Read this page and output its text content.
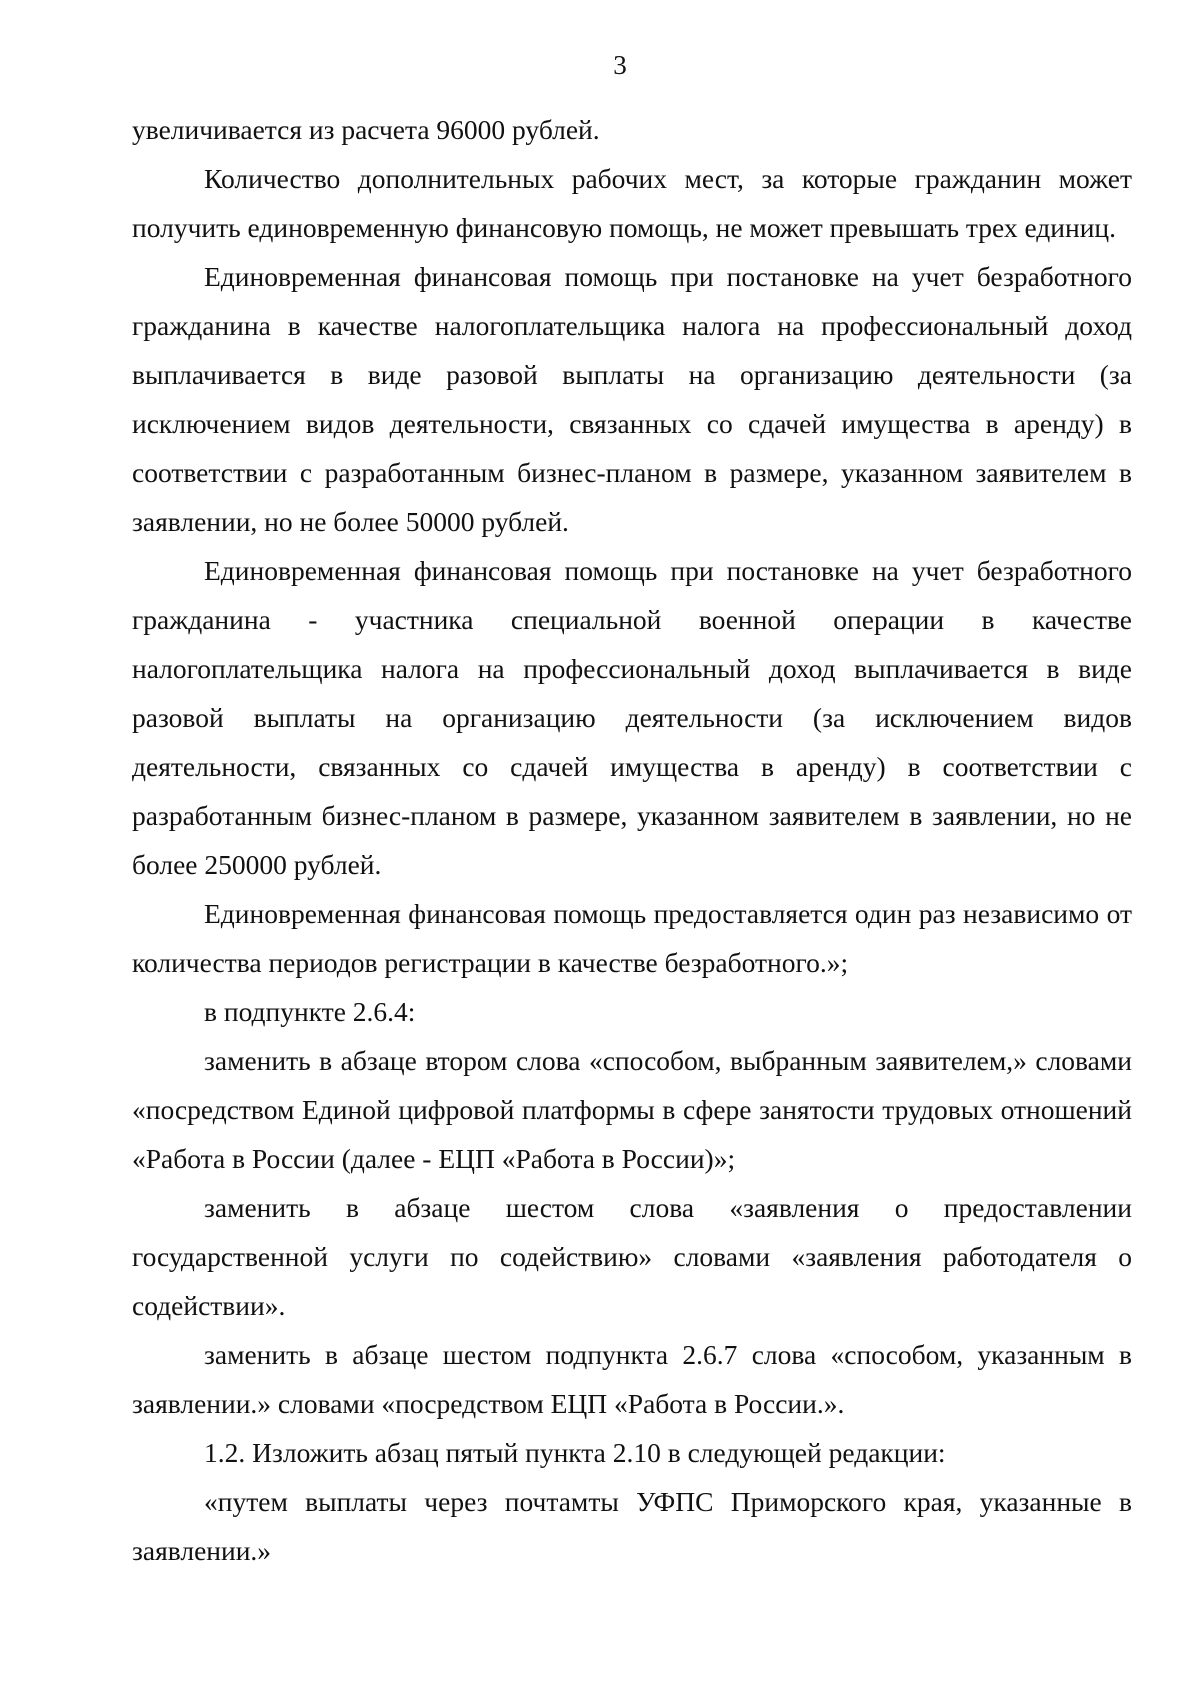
3

увеличивается из расчета 96000 рублей.

Количество дополнительных рабочих мест, за которые гражданин может получить единовременную финансовую помощь, не может превышать трех единиц.

Единовременная финансовая помощь при постановке на учет безработного гражданина в качестве налогоплательщика налога на профессиональный доход выплачивается в виде разовой выплаты на организацию деятельности (за исключением видов деятельности, связанных со сдачей имущества в аренду) в соответствии с разработанным бизнес-планом в размере, указанном заявителем в заявлении, но не более 50000 рублей.

Единовременная финансовая помощь при постановке на учет безработного гражданина - участника специальной военной операции в качестве налогоплательщика налога на профессиональный доход выплачивается в виде разовой выплаты на организацию деятельности (за исключением видов деятельности, связанных со сдачей имущества в аренду) в соответствии с разработанным бизнес-планом в размере, указанном заявителем в заявлении, но не более 250000 рублей.

Единовременная финансовая помощь предоставляется один раз независимо от количества периодов регистрации в качестве безработного.»;

в подпункте 2.6.4:

заменить в абзаце втором слова «способом, выбранным заявителем,» словами «посредством Единой цифровой платформы в сфере занятости трудовых отношений «Работа в России (далее - ЕЦП «Работа в России)»;

заменить в абзаце шестом слова «заявления о предоставлении государственной услуги по содействию» словами «заявления работодателя о содействии».

заменить в абзаце шестом подпункта 2.6.7 слова «способом, указанным в заявлении.» словами «посредством ЕЦП «Работа в России.».

1.2. Изложить абзац пятый пункта 2.10 в следующей редакции:

«путем выплаты через почтамты УФПС Приморского края, указанные в заявлении.»
